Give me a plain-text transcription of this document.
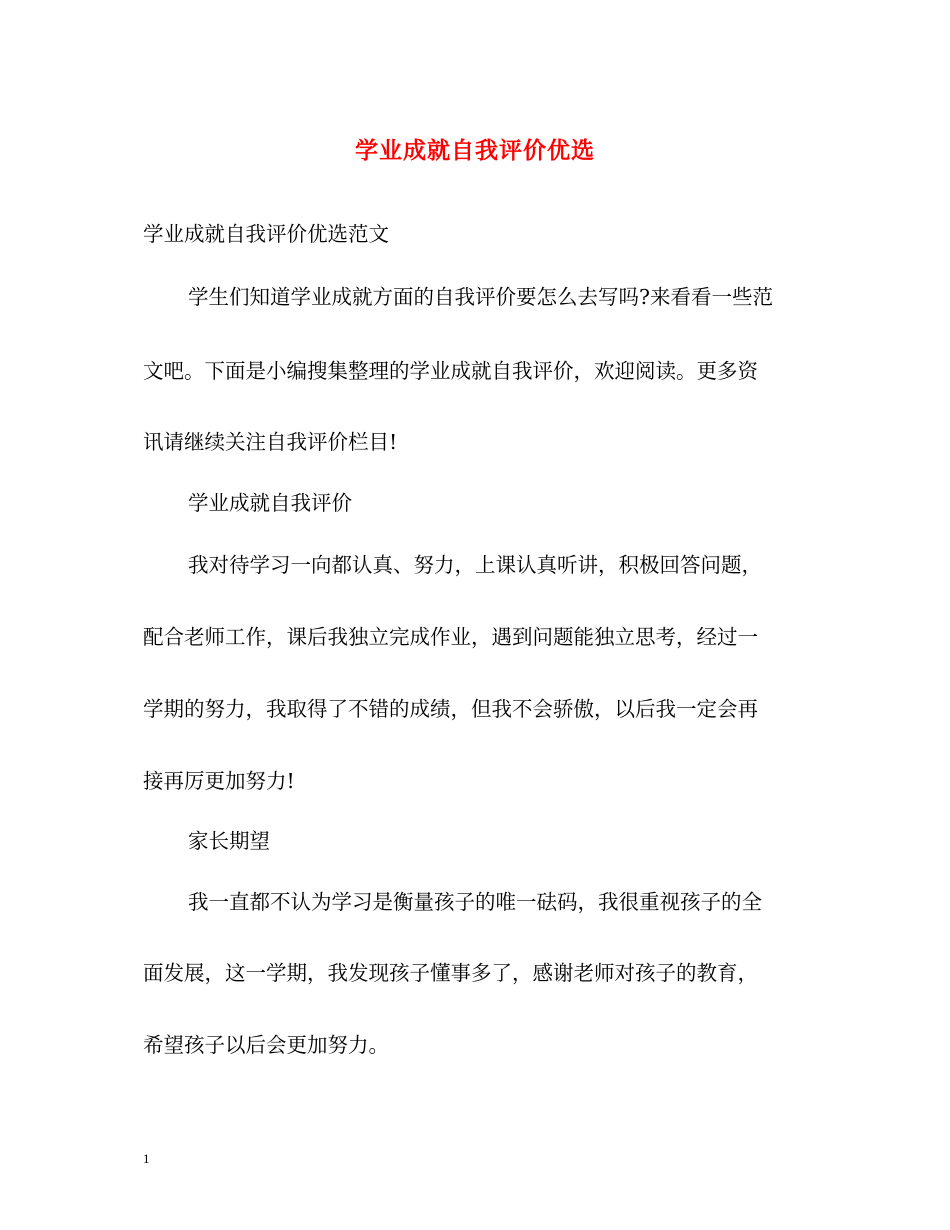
学业成就自我评价优选
学业成就自我评价优选范文
学生们知道学业成就方面的自我评价要怎么去写吗?来看看一些范
文吧。下面是小编搜集整理的学业成就自我评价，欢迎阅读。更多资
讯请继续关注自我评价栏目!
学业成就自我评价
我对待学习一向都认真、努力，上课认真听讲，积极回答问题，
配合老师工作，课后我独立完成作业，遇到问题能独立思考，经过一
学期的努力，我取得了不错的成绩，但我不会骄傲，以后我一定会再
接再厉更加努力!
家长期望
我一直都不认为学习是衡量孩子的唯一砝码，我很重视孩子的全
面发展，这一学期，我发现孩子懂事多了，感谢老师对孩子的教育，
希望孩子以后会更加努力。
1
